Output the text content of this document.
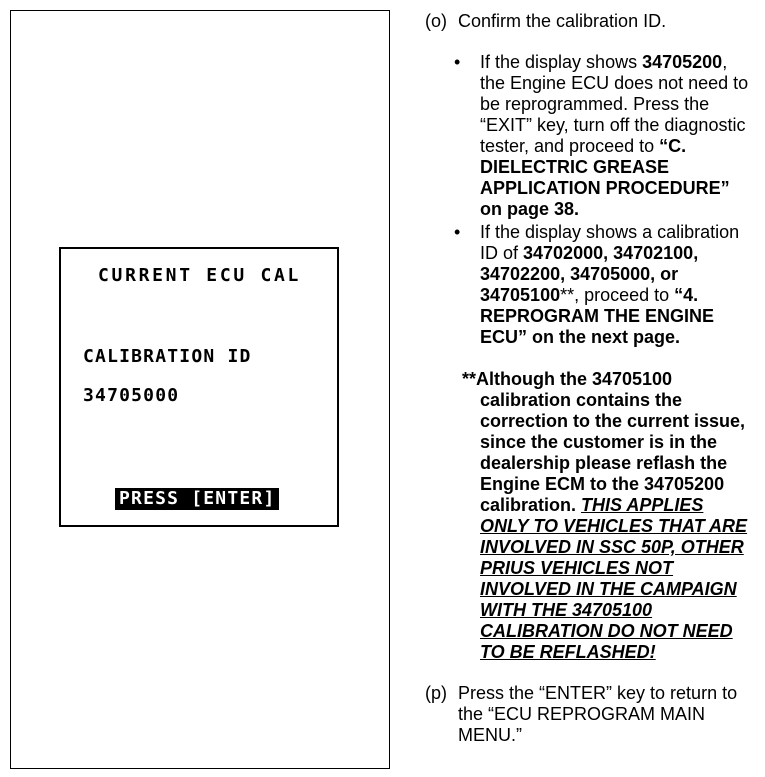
CURRENT ECU CAL
CALIBRATION ID
34705000
PRESS [ENTER]
(o) Confirm the calibration ID.
• If the display shows 34705200,
the Engine ECU does not need to
be reprogrammed. Press the
“EXIT” key, turn off the diagnostic
tester, and proceed to “C.
DIELECTRIC GREASE
APPLICATION PROCEDURE”
on page 38.
• If the display shows a calibration
ID of 34702000, 34702100,
34702200, 34705000, or
34705100**, proceed to “4.
REPROGRAM THE ENGINE
ECU” on the next page.
**Although the 34705100
calibration contains the
correction to the current issue,
since the customer is in the
dealership please reflash the
Engine ECM to the 34705200
calibration. THIS APPLIES
ONLY TO VEHICLES THAT ARE
INVOLVED IN SSC 50P, OTHER
PRIUS VEHICLES NOT
INVOLVED IN THE CAMPAIGN
WITH THE 34705100
CALIBRATION DO NOT NEED
TO BE REFLASHED!
(p) Press the “ENTER” key to return to
the “ECU REPROGRAM MAIN
MENU.”
